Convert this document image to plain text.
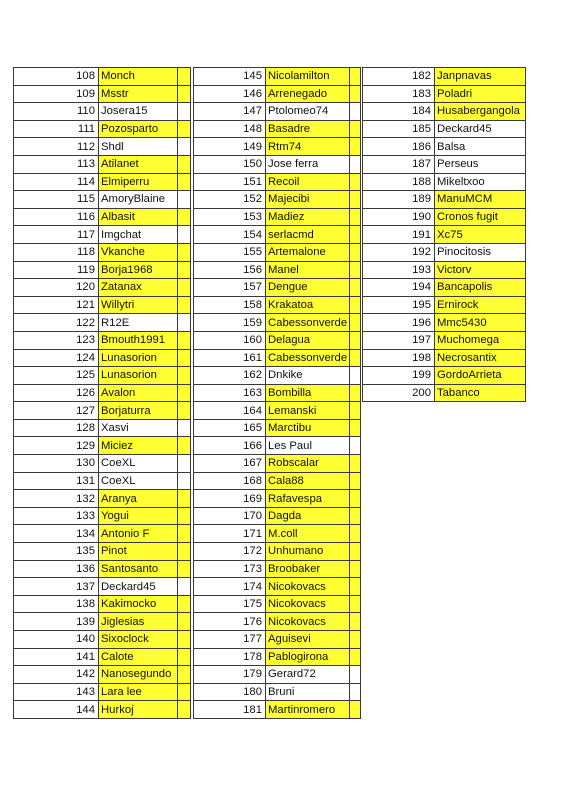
108	Monch	
109	Msstr	
110	Josera15	
111	Pozosparto	
112	Shdl	
113	Atilanet	
114	Elmiperru	
115	AmoryBlaine	
116	Albasit	
117	Imgchat	
118	Vkanche	
119	Borja1968	
120	Zatanax	
121	Willytri	
122	R12E	
123	Bmouth1991	
124	Lunasorion	
125	Lunasorion	
126	Avalon	
127	Borjaturra	
128	Xasvi	
129	Miciez	
130	CoeXL	
131	CoeXL	
132	Aranya	
133	Yogui	
134	Antonio F	
135	Pinot	
136	Santosanto	
137	Deckard45	
138	Kakimocko	
139	Jiglesias	
140	Sixoclock	
141	Calote	
142	Nanosegundo	
143	Lara lee	
144	Hurkoj	
145	Nicolamilton	
146	Arrenegado	
147	Ptolomeo74	
148	Basadre	
149	Rtm74	
150	Jose ferra	
151	Recoil	
152	Majecibi	
153	Madiez	
154	serlacmd	
155	Artemalone	
156	Manel	
157	Dengue	
158	Krakatoa	
159	Cabessonverde	
160	Delagua	
161	Cabessonverde	
162	Dnkike	
163	Bombilla	
164	Lemanski	
165	Marctibu	
166	Les Paul	
167	Robscalar	
168	Cala88	
169	Rafavespa	
170	Dagda	
171	M.coll	
172	Unhumano	
173	Broobaker	
174	Nicokovacs	
175	Nicokovacs	
176	Nicokovacs	
177	Aguisevi	
178	Pablogirona	
179	Gerard72	
180	Bruni	
181	Martinromero	
182	Janpnavas
183	Poladri
184	Husabergangola
185	Deckard45
186	Balsa
187	Perseus
188	Mikeltxoo
189	ManuMCM
190	Cronos fugit
191	Xc75
192	Pinocitosis
193	Victorv
194	Bancapolis
195	Ernirock
196	Mmc5430
197	Muchomega
198	Necrosantix
199	GordoArrieta
200	Tabanco
